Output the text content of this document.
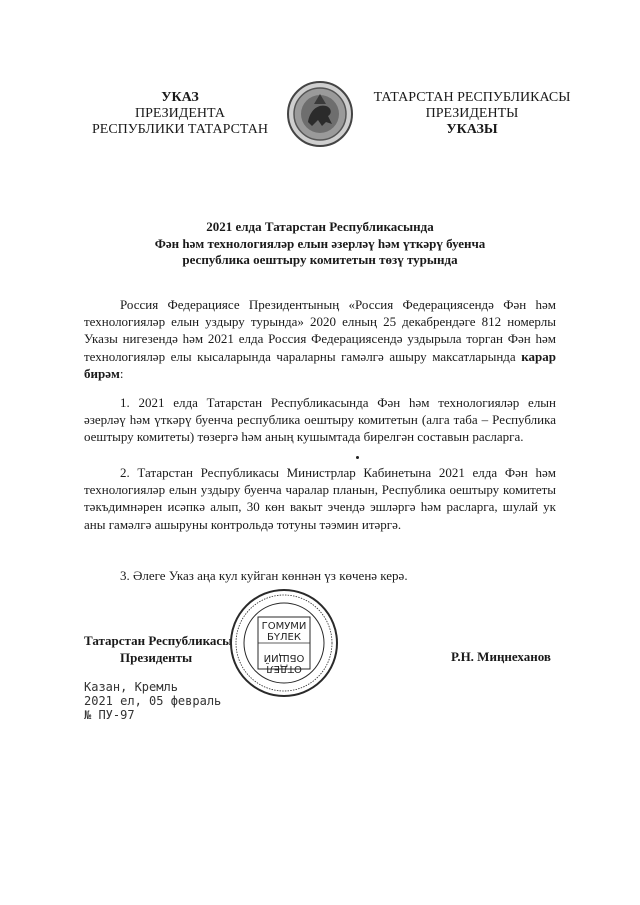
УКАЗ
ПРЕЗИДЕНТА
РЕСПУБЛИКИ ТАТАРСТАН
ТАТАРСТАН РЕСПУБЛИКАСЫ
ПРЕЗИДЕНТЫ
УКАЗЫ
2021 елда Татарстан Республикасында
Фән һәм технологияләр елын әзерләү һәм үткәрү буенча
республика оештыру комитетын төзү турында
Россия Федерациясе Президентының «Россия Федерациясендә Фән һәм технологияләр елын уздыру турында» 2020 елның 25 декабрендәге 812 номерлы Указы нигезендә һәм 2021 елда Россия Федерациясендә уздырыла торган Фән һәм технологияләр елы кысаларында чараларны гамәлгә ашыру максатларында карар бирәм:
1. 2021 елда Татарстан Республикасында Фән һәм технологияләр елын әзерләү һәм үткәрү буенча республика оештыру комитетын (алга таба – Республика оештыру комитеты) төзергә һәм аның кушымтада бирелгән составын расларга.
2. Татарстан Республикасы Министрлар Кабинетына 2021 елда Фән һәм технологияләр елын уздыру буенча чаралар планын, Республика оештыру комитеты тәкъдимнәрен исәпкә алып, 30 көн вакыт эчендә эшләргә һәм расларга, шулай ук аны гамәлгә ашыруны контрольдә тотуны тәэмин итәргә.
3. Әлеге Указ аңа кул куйган көннән үз көченә керә.
Татарстан Республикасы
Президенты	Р.Н. Миңнеханов
ГОМУМИ
БҮЛЕК
ОБЩИЙ
ОТДЕЛ
Казан, Кремль
2021 ел, 05 февраль
№ ПУ-97
